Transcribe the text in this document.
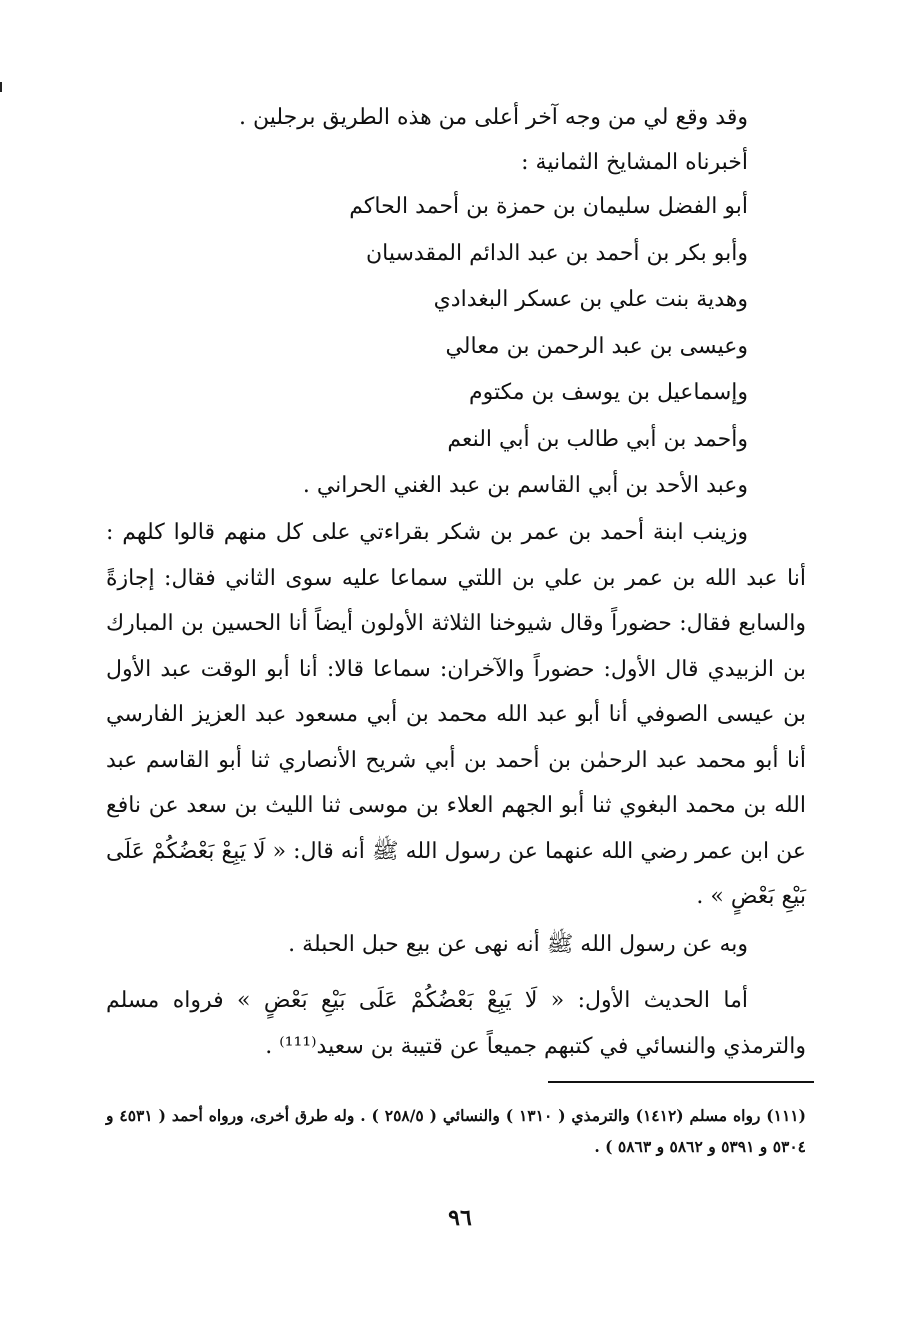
وقد وقع لي من وجه آخر أعلى من هذه الطريق برجلين .
أخبرناه المشايخ الثمانية :
أبو الفضل سليمان بن حمزة بن أحمد الحاكم
وأبو بكر بن أحمد بن عبد الدائم المقدسيان
وهدية بنت علي بن عسكر البغدادي
وعيسى بن عبد الرحمن بن معالي
وإسماعيل بن يوسف بن مكتوم
وأحمد بن أبي طالب بن أبي النعم
وعبد الأحد بن أبي القاسم بن عبد الغني الحراني .
وزينب ابنة أحمد بن عمر بن شكر بقراءتي على كل منهم قالوا كلهم : أنا عبد الله بن عمر بن علي بن اللتي سماعا عليه سوى الثاني فقال: إجازةً والسابع فقال: حضوراً وقال شيوخنا الثلاثة الأولون أيضاً أنا الحسين بن المبارك بن الزبيدي قال الأول: حضوراً والآخران: سماعا قالا: أنا أبو الوقت عبد الأول بن عيسى الصوفي أنا أبو عبد الله محمد بن أبي مسعود عبد العزيز الفارسي أنا أبو محمد عبد الرحمٰن بن أحمد بن أبي شريح الأنصاري ثنا أبو القاسم عبد الله بن محمد البغوي ثنا أبو الجهم العلاء بن موسى ثنا الليث بن سعد عن نافع عن ابن عمر رضي الله عنهما عن رسول الله ﷺ أنه قال: « لَا يَبِعْ بَعْضُكُمْ عَلَى بَيْعِ بَعْضٍ » .
وبه عن رسول الله ﷺ أنه نهى عن بيع حبل الحبلة .
أما الحديث الأول: « لَا يَبِعْ بَعْضُكُمْ عَلَى بَيْعِ بَعْضٍ » فرواه مسلم والترمذي والنسائي في كتبهم جميعاً عن قتيبة بن سعيد⁽¹¹¹⁾ .
(١١١) رواه مسلم (١٤١٢) والترمذي ( ١٣١٠ ) والنسائي ( ٢٥٨/٥ ) . وله طرق أخرى، ورواه أحمد ( ٤٥٣١ و ٥٣٠٤ و ٥٣٩١ و ٥٨٦٢ و ٥٨٦٣ ) .
٩٦
